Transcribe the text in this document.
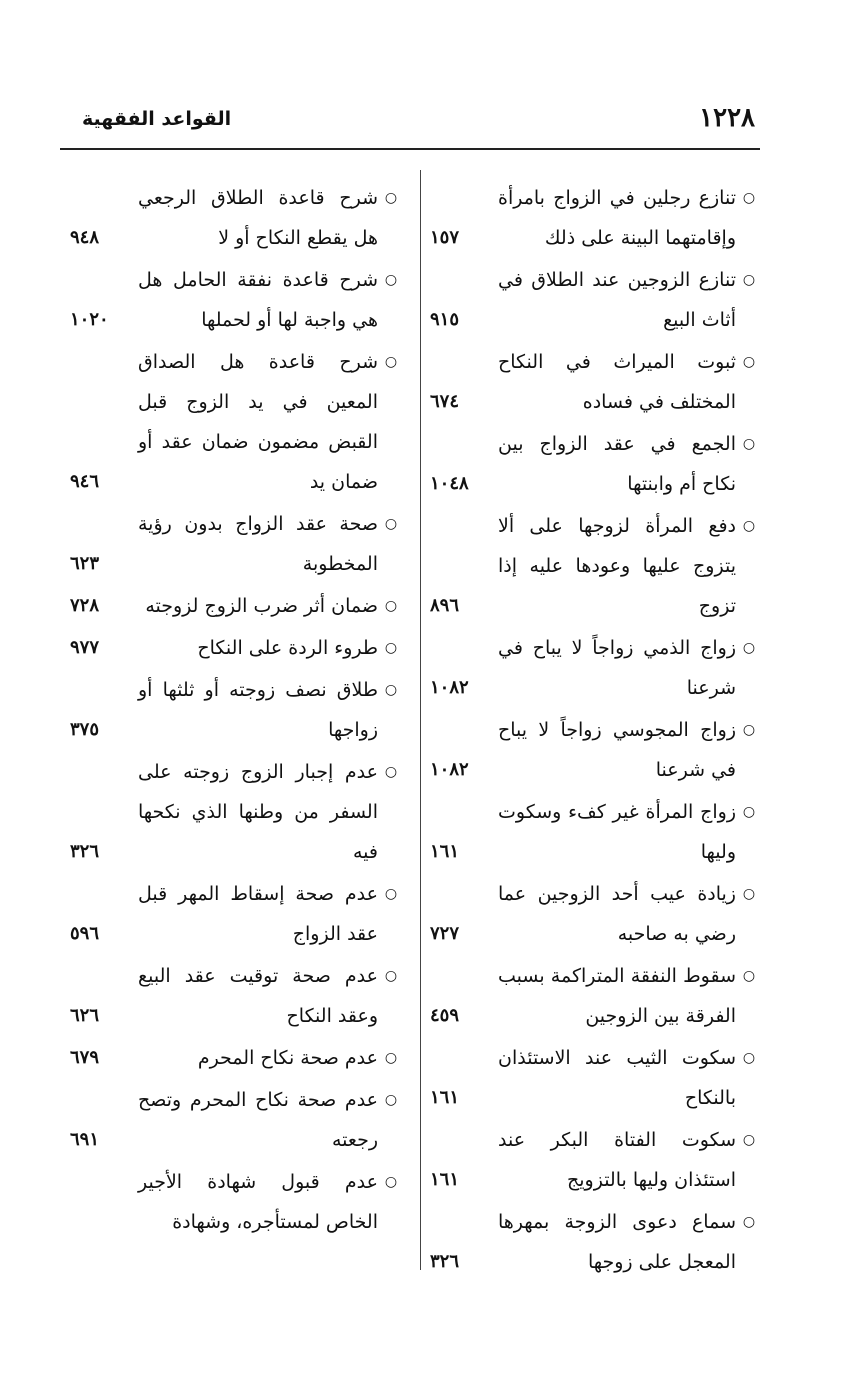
١٢٢٨
القواعد الفقهية
○
تنازع رجلين في الزواج بامرأة وإقامتهما البينة على ذلك
١٥٧
○
تنازع الزوجين عند الطلاق في أثاث البيع
٩١٥
○
ثبوت الميراث في النكاح المختلف في فساده
٦٧٤
○
الجمع في عقد الزواج بين نكاح أم وابنتها
١٠٤٨
○
دفع المرأة لزوجها على ألا يتزوج عليها وعودها عليه إذا تزوج
٨٩٦
○
زواج الذمي زواجاً لا يباح في شرعنا
١٠٨٢
○
زواج المجوسي زواجاً لا يباح في شرعنا
١٠٨٢
○
زواج المرأة غير كفء وسكوت وليها
١٦١
○
زيادة عيب أحد الزوجين عما رضي به صاحبه
٧٢٧
○
سقوط النفقة المتراكمة بسبب الفرقة بين الزوجين
٤٥٩
○
سكوت الثيب عند الاستئذان بالنكاح
١٦١
○
سكوت الفتاة البكر عند استئذان وليها بالتزويج
١٦١
○
سماع دعوى الزوجة بمهرها المعجل على زوجها
٣٢٦
○
شرح قاعدة الطلاق الرجعي هل يقطع النكاح أو لا
٩٤٨
○
شرح قاعدة نفقة الحامل هل هي واجبة لها أو لحملها
١٠٢٠
○
شرح قاعدة هل الصداق المعين في يد الزوج قبل القبض مضمون ضمان عقد أو ضمان يد
٩٤٦
○
صحة عقد الزواج بدون رؤية المخطوبة
٦٢٣
○
ضمان أثر ضرب الزوج لزوجته
٧٢٨
○
طروء الردة على النكاح
٩٧٧
○
طلاق نصف زوجته أو ثلثها أو زواجها
٣٧٥
○
عدم إجبار الزوج زوجته على السفر من وطنها الذي نكحها فيه
٣٢٦
○
عدم صحة إسقاط المهر قبل عقد الزواج
٥٩٦
○
عدم صحة توقيت عقد البيع وعقد النكاح
٦٢٦
○
عدم صحة نكاح المحرم
٦٧٩
○
عدم صحة نكاح المحرم وتصح رجعته
٦٩١
○
عدم قبول شهادة الأجير الخاص لمستأجره، وشهادة
